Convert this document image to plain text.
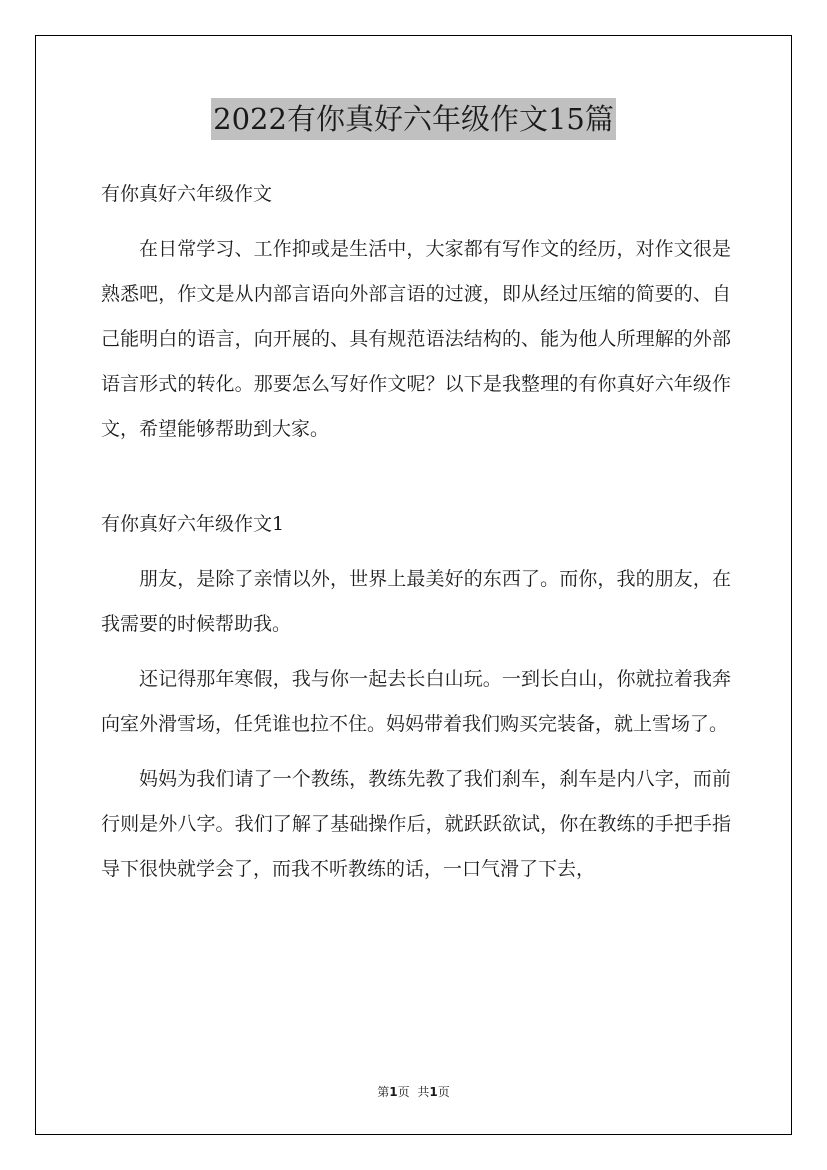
2022有你真好六年级作文15篇

有你真好六年级作文

在日常学习、工作抑或是生活中，大家都有写作文的经历，对作文很是熟悉吧，作文是从内部言语向外部言语的过渡，即从经过压缩的简要的、自己能明白的语言，向开展的、具有规范语法结构的、能为他人所理解的外部语言形式的转化。那要怎么写好作文呢？以下是我整理的有你真好六年级作文，希望能够帮助到大家。

有你真好六年级作文1

朋友，是除了亲情以外，世界上最美好的东西了。而你，我的朋友，在我需要的时候帮助我。

还记得那年寒假，我与你一起去长白山玩。一到长白山，你就拉着我奔向室外滑雪场，任凭谁也拉不住。妈妈带着我们购买完装备，就上雪场了。

妈妈为我们请了一个教练，教练先教了我们刹车，刹车是内八字，而前行则是外八字。我们了解了基础操作后，就跃跃欲试，你在教练的手把手指导下很快就学会了，而我不听教练的话，一口气滑了下去，

第1页 共1页
